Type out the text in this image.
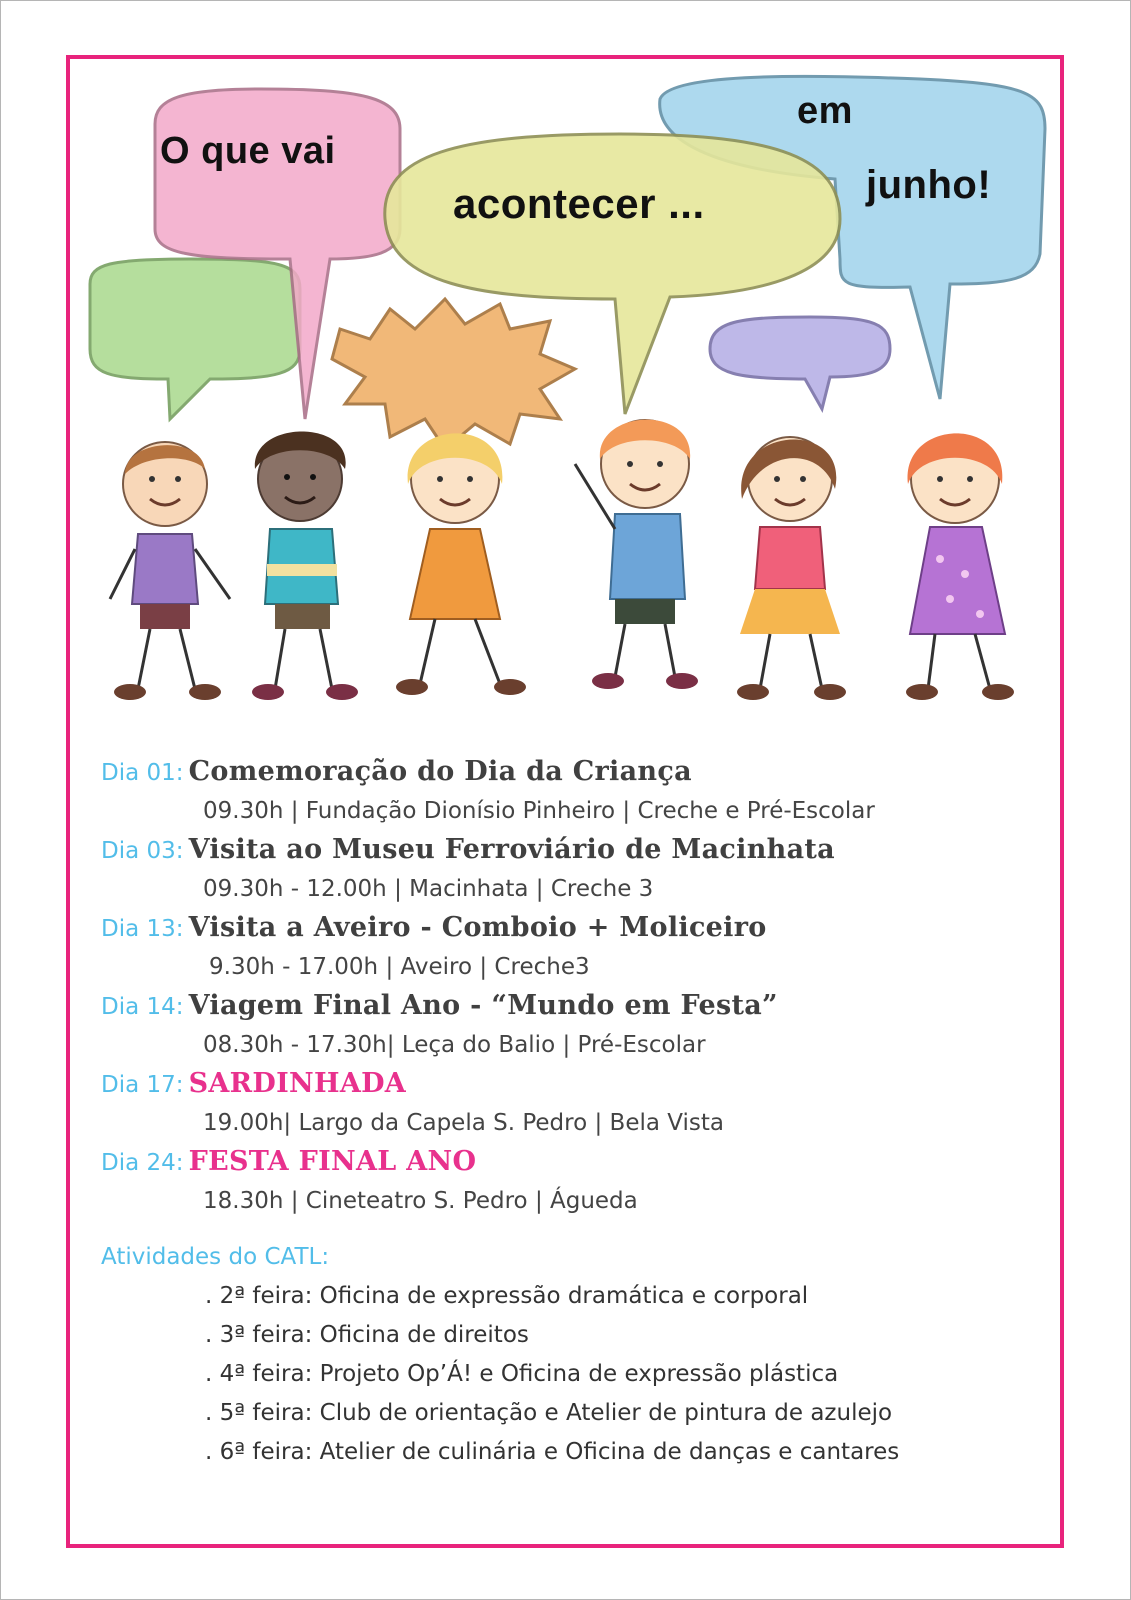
O que vai
acontecer ...
em
junho!
Dia 01: Comemoração do Dia da Criança
09.30h | Fundação Dionísio Pinheiro | Creche e Pré-Escolar
Dia 03: Visita ao Museu Ferroviário de Macinhata
09.30h - 12.00h | Macinhata | Creche 3
Dia 13: Visita a Aveiro - Comboio + Moliceiro
9.30h - 17.00h | Aveiro | Creche3
Dia 14: Viagem Final Ano - “Mundo em Festa”
08.30h - 17.30h| Leça do Balio | Pré-Escolar
Dia 17: SARDINHADA
19.00h| Largo da Capela S. Pedro | Bela Vista
Dia 24: FESTA FINAL ANO
18.30h | Cineteatro S. Pedro | Águeda
Atividades do CATL:
. 2ª feira: Oficina de expressão dramática e corporal
. 3ª feira: Oficina de direitos
. 4ª feira: Projeto Op’Á! e Oficina de expressão plástica
. 5ª feira: Club de orientação e Atelier de pintura de azulejo
. 6ª feira: Atelier de culinária e Oficina de danças e cantares
